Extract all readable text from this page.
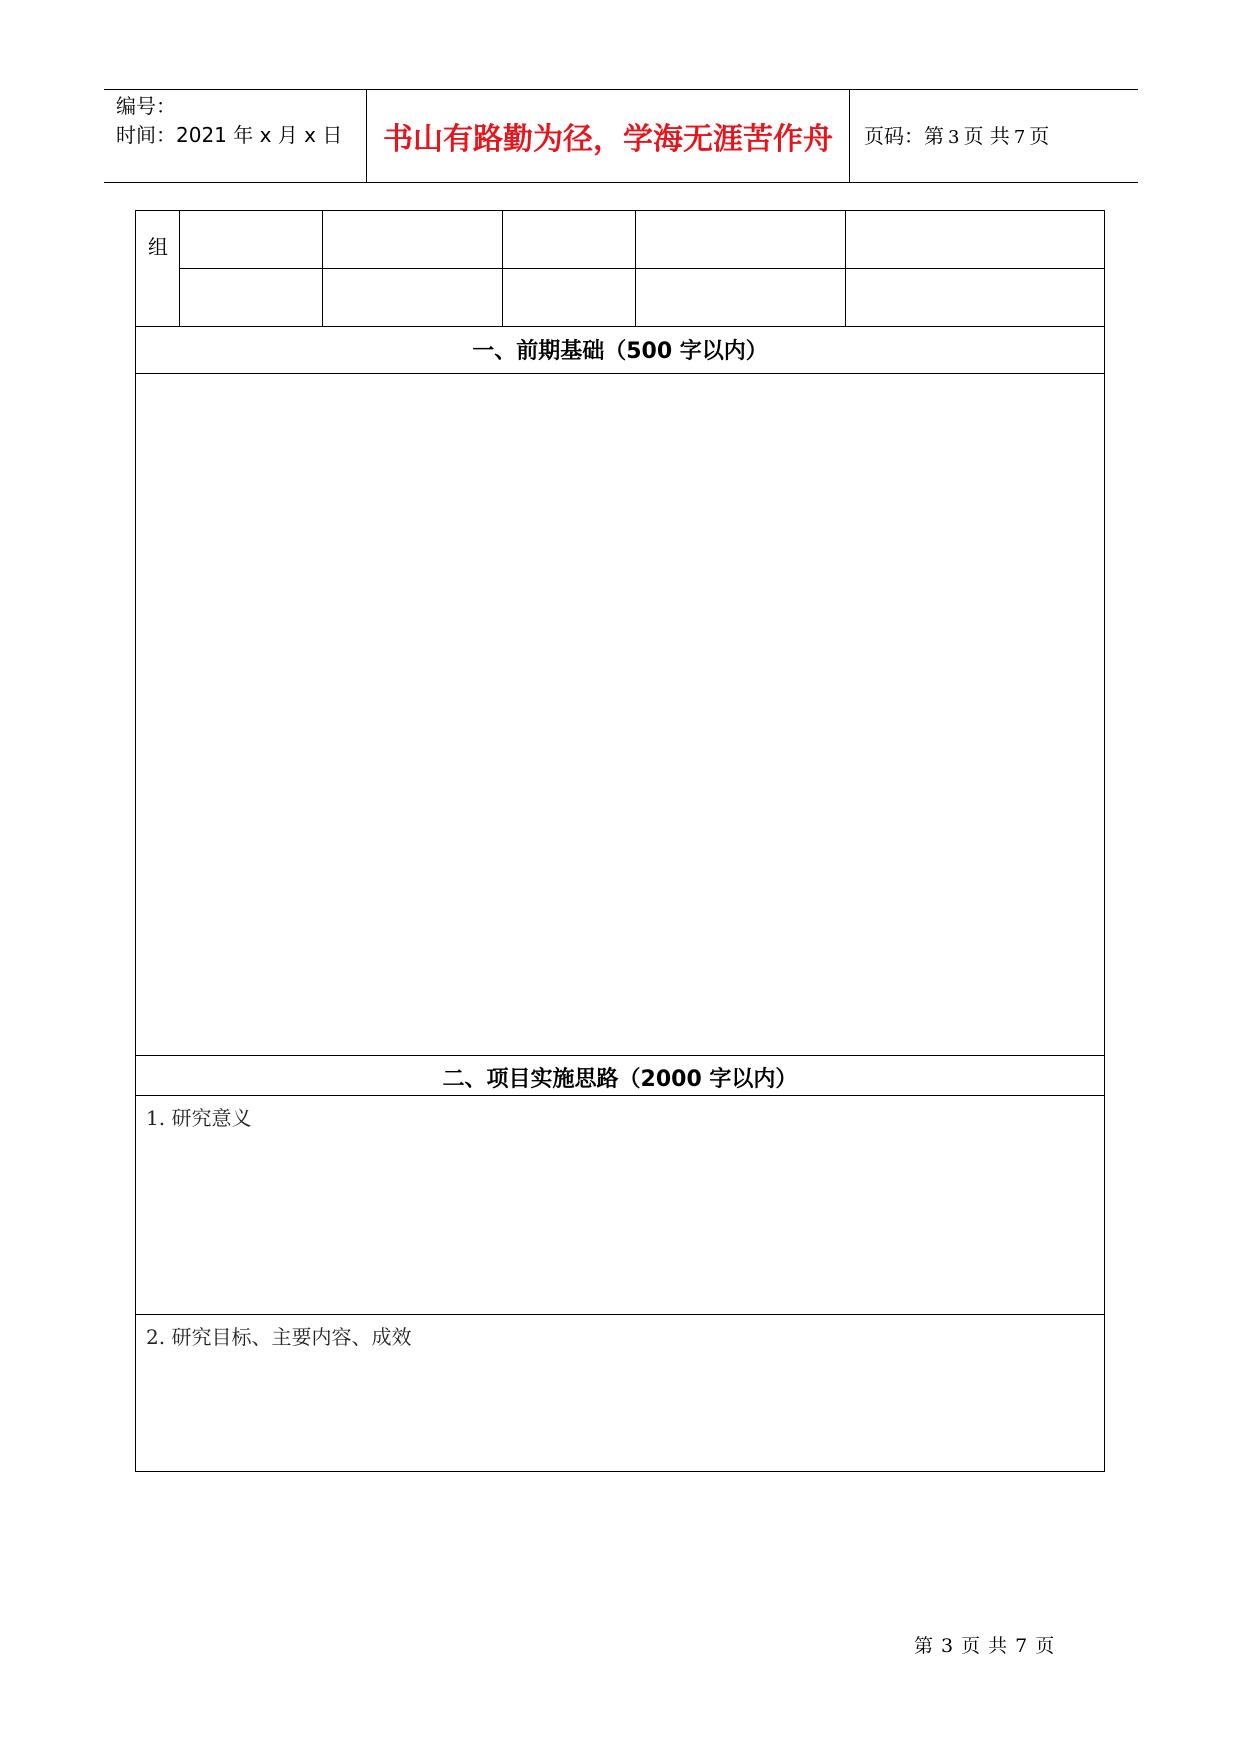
编号：
时间：2021 年 x 月 x 日	书山有路勤为径，学海无涯苦作舟	页码：第 3 页 共 7 页
组
一、前期基础（500 字以内）
二、项目实施思路（2000 字以内）
1. 研究意义
2. 研究目标、主要内容、成效
第 3 页 共 7 页
